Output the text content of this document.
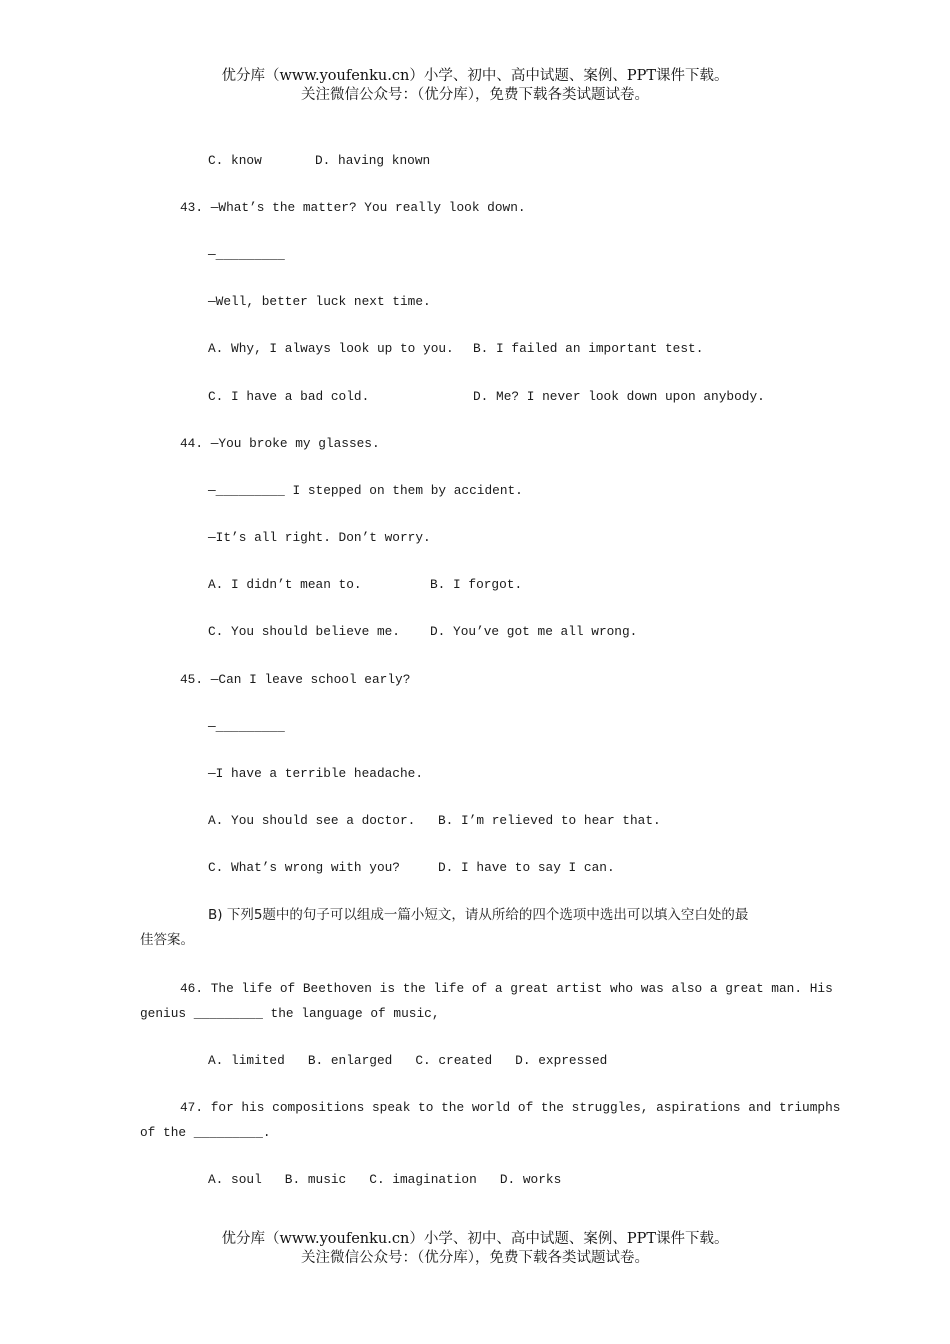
优分库（www.youfenku.cn）小学、初中、高中试题、案例、PPT课件下载。
关注微信公众号：（优分库），免费下载各类试题试卷。
C. know	D. having known
43. —What’s the matter? You really look down.
—_________
—Well, better luck next time.
A. Why, I always look up to you. B. I failed an important test.
C. I have a bad cold.	D. Me? I never look down upon anybody.
44. —You broke my glasses.
—_________ I stepped on them by accident.
—It’s all right. Don’t worry.
A. I didn’t mean to.	B. I forgot.
C. You should believe me. D. You’ve got me all wrong.
45. —Can I leave school early?
—_________
—I have a terrible headache.
A. You should see a doctor. B. I’m relieved to hear that.
C. What’s wrong with you?	D. I have to say I can.
B) 下列5题中的句子可以组成一篇小短文，请从所给的四个选项中选出可以填入空白处的最
佳答案。
46. The life of Beethoven is the life of a great artist who was also a great man. His
genius _________ the language of music,
A. limited   B. enlarged   C. created   D. expressed
47. for his compositions speak to the world of the struggles, aspirations and triumphs
of the _________.
A. soul   B. music   C. imagination   D. works
优分库（www.youfenku.cn）小学、初中、高中试题、案例、PPT课件下载。
关注微信公众号：（优分库），免费下载各类试题试卷。
